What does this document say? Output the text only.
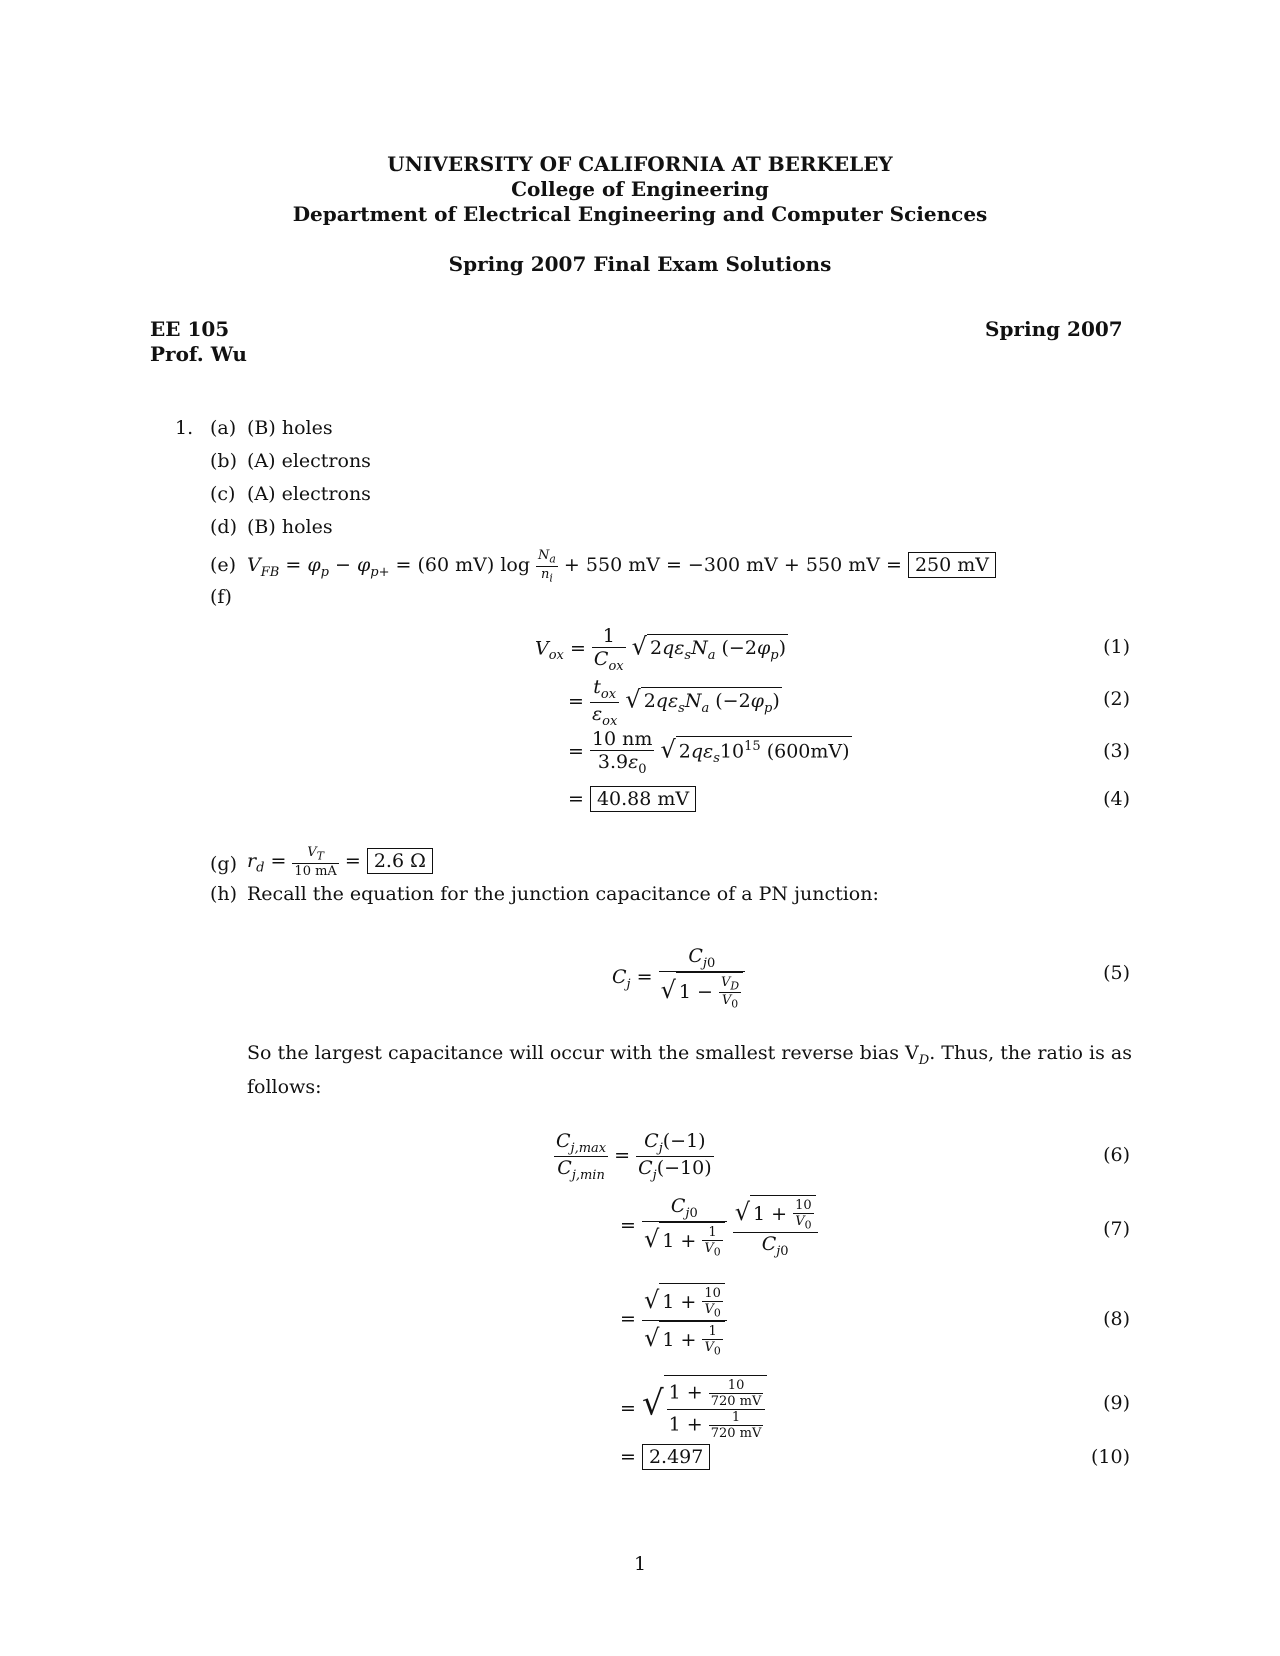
UNIVERSITY OF CALIFORNIA AT BERKELEY
College of Engineering
Department of Electrical Engineering and Computer Sciences
Spring 2007 Final Exam Solutions
EE 105
Prof. Wu
Spring 2007
1. (a) (B) holes
(b) (A) electrons
(c) (A) electrons
(d) (B) holes
(e) $V_{FB} = \varphi_p - \varphi_{p+} = (60$ mV) $\log \frac{N_a}{n_i} + 550$ mV = −300 mV + 550 mV = 250 mV
(f)
$V_{ox} = \frac{1}{C_{ox}}$ √ $2q\varepsilon_sN_a$ $(-2\varphi_p)$	(1)
= $\frac{t_{ox}}{\varepsilon_{ox}}$ √ $2q\varepsilon_sN_a$ $(-2\varphi_p)$	(2)
= $\frac{10 nm}{3.9\varepsilon_0}$ √ $2q\varepsilon_s10^{15}$ (600mV)	(3)
= 40.88 mV	(4)
(g) $r_d = \frac{V_T}{10 mA} = 2.6$ Ω
(h) Recall the equation for the junction capacitance of a PN junction:
$C_j = \frac{C_{j0}}{√ 1 - \frac{V_D}{V_0}}$	(5)
So the largest capacitance will occur with the smallest reverse bias $V_D$. Thus, the ratio is as follows:
$\frac{C_{j,max}}{C_{j,min}} = \frac{C_j(-1)}{C_j(-10)}$	(6)
= $\frac{C_{j0}}{√ 1 + \frac{1}{V_0}}$
$\frac{√ 1 + \frac{10}{V_0}}{C_{j0}}$	(7)
= $\frac{√ 1 + \frac{10}{V_0}}{√ 1 + \frac{1}{V_0}}$	(8)
= √ $\frac{1 + \frac{10}{720 mV}}{1 + \frac{1}{720 mV}}$	(9)
= 2.497	(10)
1
